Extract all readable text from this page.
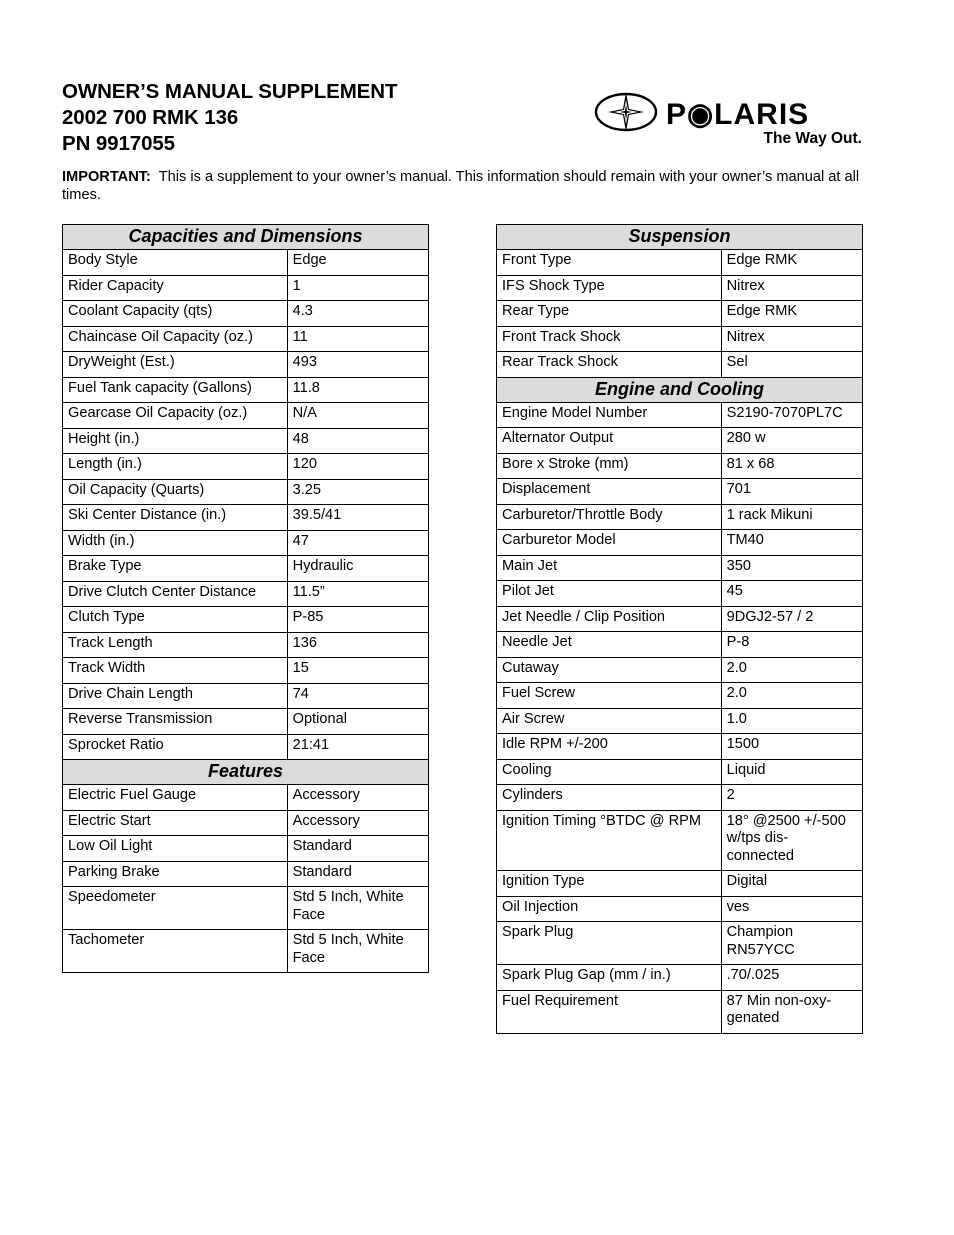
OWNER’S MANUAL SUPPLEMENT
2002 700 RMK 136
PN 9917055
P◉LARIS
The Way Out.
IMPORTANT: This is a supplement to your owner’s manual. This information should remain with your owner’s manual at all times.
Capacities and Dimensions	
Body Style	Edge
Rider Capacity	1
Coolant Capacity (qts)	4.3
Chaincase Oil Capacity (oz.)	11
DryWeight (Est.)	493
Fuel Tank capacity (Gallons)	11.8
Gearcase Oil Capacity (oz.)	N/A
Height (in.)	48
Length (in.)	120
Oil Capacity (Quarts)	3.25
Ski Center Distance (in.)	39.5/41
Width (in.)	47
Brake Type	Hydraulic
Drive Clutch Center Distance	11.5”
Clutch Type	P‑85
Track Length	136
Track Width	15
Drive Chain Length	74
Reverse Transmission	Optional
Sprocket Ratio	21:41
Features	
Electric Fuel Gauge	Accessory
Electric Start	Accessory
Low Oil Light	Standard
Parking Brake	Standard
Speedometer	Std 5 Inch, White Face
Tachometer	Std 5 Inch, White Face
Suspension	
Front Type	Edge RMK
IFS Shock Type	Nitrex
Rear Type	Edge RMK
Front Track Shock	Nitrex
Rear Track Shock	Sel
Engine and Cooling	
Engine Model Number	S2190‑7070PL7C
Alternator Output	280 w
Bore x Stroke (mm)	81 x 68
Displacement	701
Carburetor/Throttle Body	1 rack Mikuni
Carburetor Model	TM40
Main Jet	350
Pilot Jet	45
Jet Needle / Clip Position	9DGJ2‑57 / 2
Needle Jet	P‑8
Cutaway	2.0
Fuel Screw	2.0
Air Screw	1.0
Idle RPM +/‑200	1500
Cooling	Liquid
Cylinders	2
Ignition Timing °BTDC @ RPM	18° @2500 +/‑500 w/tps dis‑ connected
Ignition Type	Digital
Oil Injection	ves
Spark Plug	Champion RN57YCC
Spark Plug Gap (mm / in.)	.70/.025
Fuel Requirement	87 Min non‑oxy‑ genated
